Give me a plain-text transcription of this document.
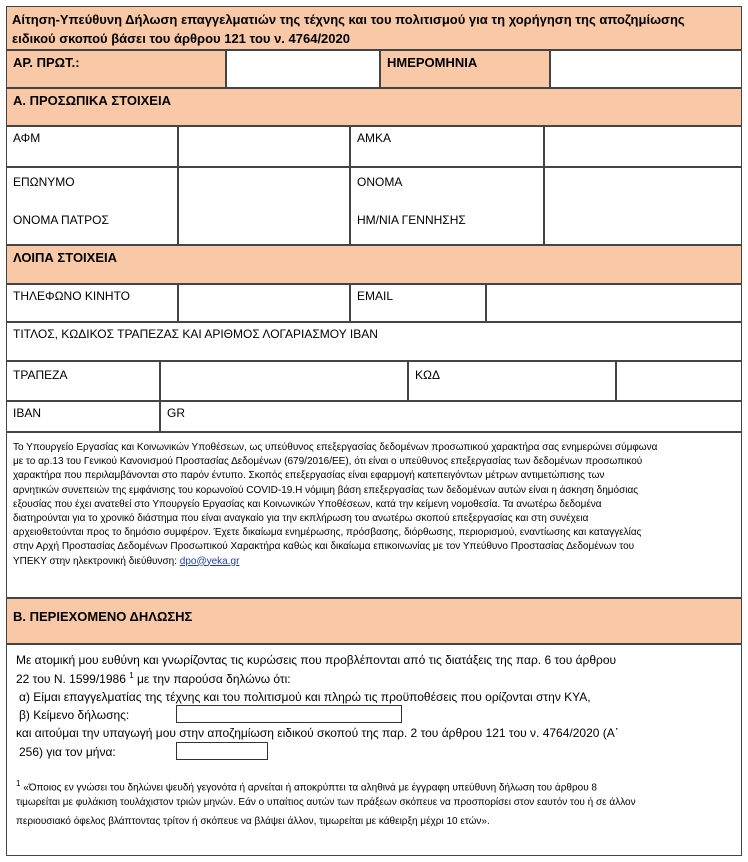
Αίτηση-Υπεύθυνη Δήλωση επαγγελματιών της τέχνης και του πολιτισμού για τη χορήγηση της αποζημίωσης
ειδικού σκοπού βάσει του άρθρου 121 του ν. 4764/2020
ΑΡ. ΠΡΩΤ.:	ΗΜΕΡΟΜΗΝΙΑ
Α. ΠΡΟΣΩΠΙΚΑ ΣΤΟΙΧΕΙΑ
ΑΦΜ	ΑΜΚΑ
ΕΠΩΝΥΜΟ
ΟΝΟΜΑ ΠΑΤΡΟΣ
ΟΝΟΜΑ
ΗΜ/ΝΙΑ ΓΕΝΝΗΣΗΣ
ΛΟΙΠΑ ΣΤΟΙΧΕΙΑ
ΤΗΛΕΦΩΝΟ ΚΙΝΗΤΟ	EMAIL
ΤΙΤΛΟΣ, ΚΩΔΙΚΟΣ ΤΡΑΠΕΖΑΣ ΚΑΙ ΑΡΙΘΜΟΣ ΛΟΓΑΡΙΑΣΜΟΥ IBAN
ΤΡΑΠΕΖΑ	ΚΩΔ
IBAN	GR
Το Υπουργείο Εργασίας και Κοινωνικών Υποθέσεων, ως υπεύθυνος επεξεργασίας δεδομένων προσωπικού χαρακτήρα σας ενημερώνει σύμφωνα
με το αρ.13 του Γενικού Κανονισμού Προστασίας Δεδομένων (679/2016/ΕΕ), ότι είναι ο υπεύθυνος επεξεργασίας των δεδομένων προσωπικού
χαρακτήρα που περιλαμβάνονται στο παρόν έντυπο. Σκοπός επεξεργασίας είναι εφαρμογή κατεπειγόντων μέτρων αντιμετώπισης των
αρνητικών συνεπειών της εμφάνισης του κορωνοϊού COVID-19.Η νόμιμη βάση επεξεργασίας των δεδομένων αυτών είναι η άσκηση δημόσιας
εξουσίας που έχει ανατεθεί στο Υπουργείο Εργασίας και Κοινωνικών Υποθέσεων, κατά την κείμενη νομοθεσία. Τα ανωτέρω δεδομένα
διατηρούνται για το χρονικό διάστημα που είναι αναγκαίο για την εκπλήρωση του ανωτέρω σκοπού επεξεργασίας και στη συνέχεια
αρχειοθετούνται προς το δημόσιο συμφέρον. Έχετε δικαίωμα ενημέρωσης, πρόσβασης, διόρθωσης, περιορισμού, εναντίωσης και καταγγελίας
στην Αρχή Προστασίας Δεδομένων Προσωπικού Χαρακτήρα καθώς και δικαίωμα επικοινωνίας με τον Υπεύθυνο Προστασίας Δεδομένων του
ΥΠΕΚΥ στην ηλεκτρονική διεύθυνση: dpo@yeka.gr
Β. ΠΕΡΙΕΧΟΜΕΝΟ ΔΗΛΩΣΗΣ
Με ατομική μου ευθύνη και γνωρίζοντας τις κυρώσεις που προβλέπονται από τις διατάξεις της παρ. 6 του άρθρου
22 του Ν. 1599/1986 $^1$ με την παρούσα δηλώνω ότι:
α) Είμαι επαγγελματίας της τέχνης και του πολιτισμού και πληρώ τις προϋποθέσεις που ορίζονται στην ΚΥΑ,
β) Κείμενο δήλωσης:
και αιτούμαι την υπαγωγή μου στην αποζημίωση ειδικού σκοπού της παρ. 2 του άρθρου 121 του ν. 4764/2020 (Α΄
256) για τον μήνα:
$^1$ «Όποιος εν γνώσει του δηλώνει ψευδή γεγονότα ή αρνείται ή αποκρύπτει τα αληθινά με έγγραφη υπεύθυνη δήλωση του άρθρου 8
τιμωρείται με φυλάκιση τουλάχιστον τριών μηνών. Εάν ο υπαίτιος αυτών των πράξεων σκόπευε να προσπορίσει στον εαυτόν του ή σε άλλον
περιουσιακό όφελος βλάπτοντας τρίτον ή σκόπευε να βλάψει άλλον, τιμωρείται με κάθειρξη μέχρι 10 ετών».
